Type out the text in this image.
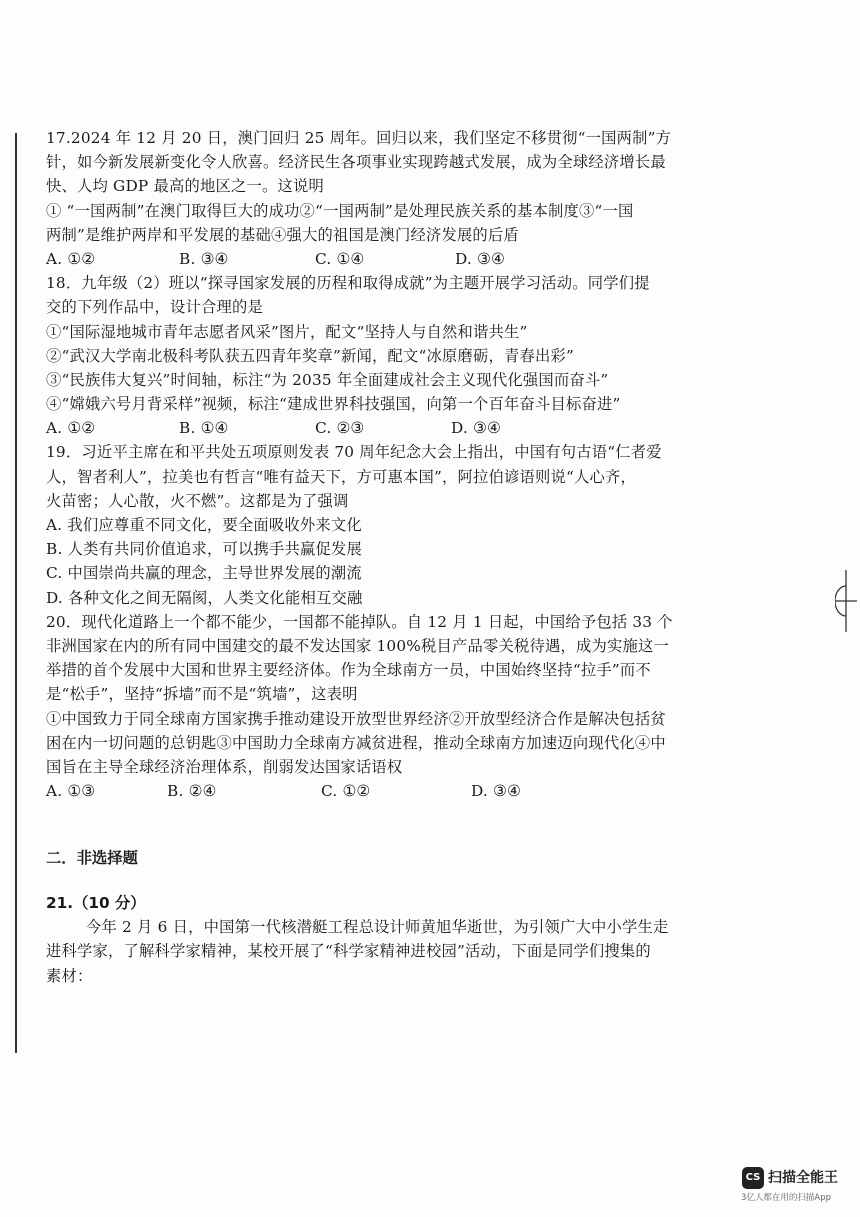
17.2024 年 12 月 20 日，澳门回归 25 周年。回归以来，我们坚定不移贯彻“一国两制”方
针，如今新发展新变化令人欣喜。经济民生各项事业实现跨越式发展，成为全球经济增长最
快、人均 GDP 最高的地区之一。这说明
① “一国两制”在澳门取得巨大的成功②“一国两制”是处理民族关系的基本制度③“一国
两制”是维护两岸和平发展的基础④强大的祖国是澳门经济发展的后盾
A. ①②	B. ③④	C. ①④	D. ③④
18．九年级（2）班以“探寻国家发展的历程和取得成就”为主题开展学习活动。同学们提
交的下列作品中，设计合理的是
①“国际湿地城市青年志愿者风采”图片，配文“坚持人与自然和谐共生”
②“武汉大学南北极科考队获五四青年奖章”新闻，配文“冰原磨砺，青春出彩”
③“民族伟大复兴”时间轴，标注“为 2035 年全面建成社会主义现代化强国而奋斗”
④“嫦娥六号月背采样”视频，标注“建成世界科技强国，向第一个百年奋斗目标奋进”
A. ①②	B. ①④	C. ②③	D. ③④
19．习近平主席在和平共处五项原则发表 70 周年纪念大会上指出，中国有句古语“仁者爱
人，智者利人”，拉美也有哲言“唯有益天下，方可惠本国”，阿拉伯谚语则说“人心齐，
火苗密；人心散，火不燃”。这都是为了强调
A. 我们应尊重不同文化，要全面吸收外来文化
B. 人类有共同价值追求，可以携手共赢促发展
C. 中国崇尚共赢的理念，主导世界发展的潮流
D. 各种文化之间无隔阂，人类文化能相互交融
20．现代化道路上一个都不能少，一国都不能掉队。自 12 月 1 日起，中国给予包括 33 个
非洲国家在内的所有同中国建交的最不发达国家 100%税目产品零关税待遇，成为实施这一
举措的首个发展中大国和世界主要经济体。作为全球南方一员，中国始终坚持“拉手”而不
是“松手”，坚持“拆墙”而不是“筑墙”，这表明
①中国致力于同全球南方国家携手推动建设开放型世界经济②开放型经济合作是解决包括贫
困在内一切问题的总钥匙③中国助力全球南方减贫进程，推动全球南方加速迈向现代化④中
国旨在主导全球经济治理体系，削弱发达国家话语权
A. ①③	B. ②④	C. ①②	D. ③④
二．非选择题
21.（10 分）
今年 2 月 6 日，中国第一代核潜艇工程总设计师黄旭华逝世，为引领广大中小学生走
进科学家，了解科学家精神，某校开展了“科学家精神进校园”活动，下面是同学们搜集的
素材：
CS 扫描全能王
3亿人都在用的扫描App
